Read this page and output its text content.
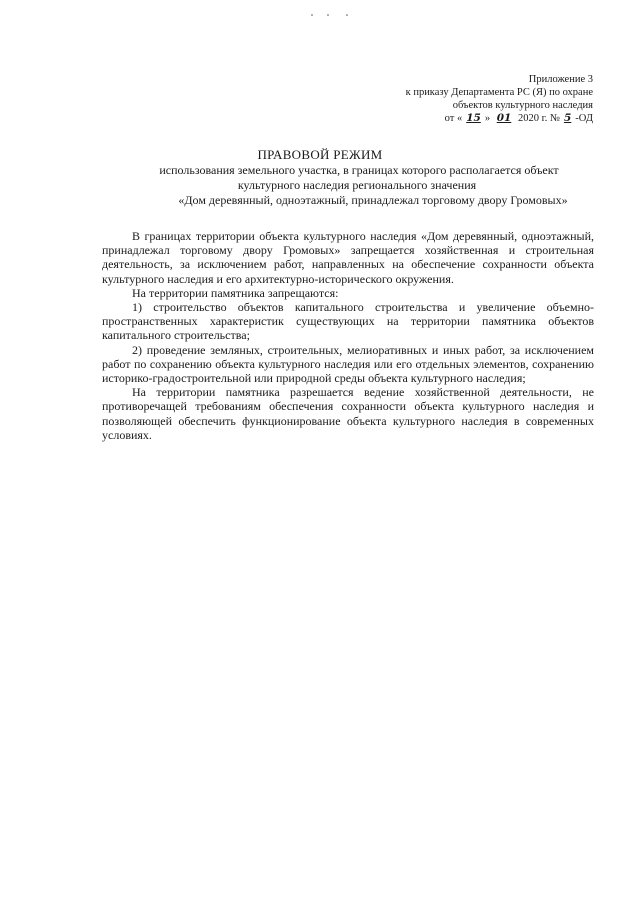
Приложение 3
к приказу Департамента РС (Я) по охране
объектов культурного наследия
от « 15 » 01 2020 г. № 5 -ОД
ПРАВОВОЙ РЕЖИМ
использования земельного участка, в границах которого располагается объект
культурного наследия регионального значения
«Дом деревянный, одноэтажный, принадлежал торговому двору Громовых»

В границах территории объекта культурного наследия «Дом деревянный, одноэтажный, принадлежал торговому двору Громовых» запрещается хозяйственная и строительная деятельность, за исключением работ, направленных на обеспечение сохранности объекта культурного наследия и его архитектурно-исторического окружения.

На территории памятника запрещаются:

1) строительство объектов капитального строительства и увеличение объемно-пространственных характеристик существующих на территории памятника объектов капитального строительства;

2) проведение земляных, строительных, мелиоративных и иных работ, за исключением работ по сохранению объекта культурного наследия или его отдельных элементов, сохранению историко-градостроительной или природной среды объекта культурного наследия;

На территории памятника разрешается ведение хозяйственной деятельности, не противоречащей требованиям обеспечения сохранности объекта культурного наследия и позволяющей обеспечить функционирование объекта культурного наследия в современных условиях.
